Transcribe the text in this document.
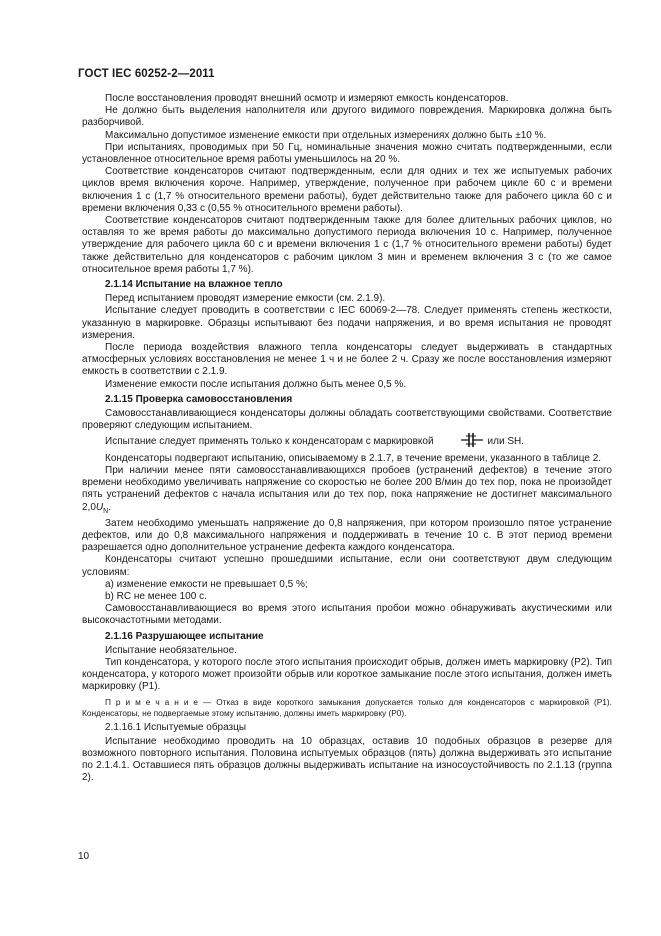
ГОСТ IEC 60252-2—2011

После восстановления проводят внешний осмотр и измеряют емкость конденсаторов.

Не должно быть выделения наполнителя или другого видимого повреждения. Маркировка должна быть разборчивой.

Максимально допустимое изменение емкости при отдельных измерениях должно быть ±10 %.

При испытаниях, проводимых при 50 Гц, номинальные значения можно считать подтвержденными, если установленное относительное время работы уменьшилось на 20 %.

Соответствие конденсаторов считают подтвержденным, если для одних и тех же испытуемых рабочих циклов время включения короче. Например, утверждение, полученное при рабочем цикле 60 с и времени включения 1 с (1,7 % относительного времени работы), будет действительно также для рабочего цикла 60 с и времени включения 0,33 с (0,55 % относительного времени работы).

Соответствие конденсаторов считают подтвержденным также для более длительных рабочих циклов, но оставляя то же время работы до максимально допустимого периода включения 10 с. Например, полученное утверждение для рабочего цикла 60 с и времени включения 1 с (1,7 % относительного времени работы) будет также действительно для конденсаторов с рабочим циклом 3 мин и временем включения 3 с (то же самое относительное время работы 1,7 %).

2.1.14 Испытание на влажное тепло

Перед испытанием проводят измерение емкости (см. 2.1.9).

Испытание следует проводить в соответствии с IEC 60069-2—78. Следует применять степень жесткости, указанную в маркировке. Образцы испытывают без подачи напряжения, и во время испытания не проводят измерения.

После периода воздействия влажного тепла конденсаторы следует выдерживать в стандартных атмосферных условиях восстановления не менее 1 ч и не более 2 ч. Сразу же после восстановления измеряют емкость в соответствии с 2.1.9.

Изменение емкости после испытания должно быть менее 0,5 %.

2.1.15 Проверка самовосстановления

Самовосстанавливающиеся конденсаторы должны обладать соответствующими свойствами. Соответствие проверяют следующим испытанием.

Испытание следует применять только к конденсаторам с маркировкой	или SH.

Конденсаторы подвергают испытанию, описываемому в 2.1.7, в течение времени, указанного в таблице 2.

При наличии менее пяти самовосстанавливающихся пробоев (устранений дефектов) в течение этого времени необходимо увеличивать напряжение со скоростью не более 200 В/мин до тех пор, пока не произойдет пять устранений дефектов с начала испытания или до тех пор, пока напряжение не достигнет максимального $2,0U_N$.

Затем необходимо уменьшать напряжение до 0,8 напряжения, при котором произошло пятое устранение дефектов, или до 0,8 максимального напряжения и поддерживать в течение 10 с. В этот период времени разрешается одно дополнительное устранение дефекта каждого конденсатора.

Конденсаторы считают успешно прошедшими испытание, если они соответствуют двум следующим условиям:

a) изменение емкости не превышает 0,5 %;

b) RC не менее 100 с.

Самовосстанавливающиеся во время этого испытания пробои можно обнаруживать акустическими или высокочастотными методами.

2.1.16 Разрушающее испытание

Испытание необязательное.

Тип конденсатора, у которого после этого испытания происходит обрыв, должен иметь маркировку (P2). Тип конденсатора, у которого может произойти обрыв или короткое замыкание после этого испытания, должен иметь маркировку (P1).

П р и м е ч а н и е — Отказ в виде короткого замыкания допускается только для конденсаторов с маркировкой (P1). Конденсаторы, не подвергаемые этому испытанию, должны иметь маркировку (P0).

2.1.16.1 Испытуемые образцы

Испытание необходимо проводить на 10 образцах, оставив 10 подобных образцов в резерве для возможного повторного испытания. Половина испытуемых образцов (пять) должна выдерживать это испытание по 2.1.4.1. Оставшиеся пять образцов должны выдерживать испытание на износоустойчивость по 2.1.13 (группа 2).

10
